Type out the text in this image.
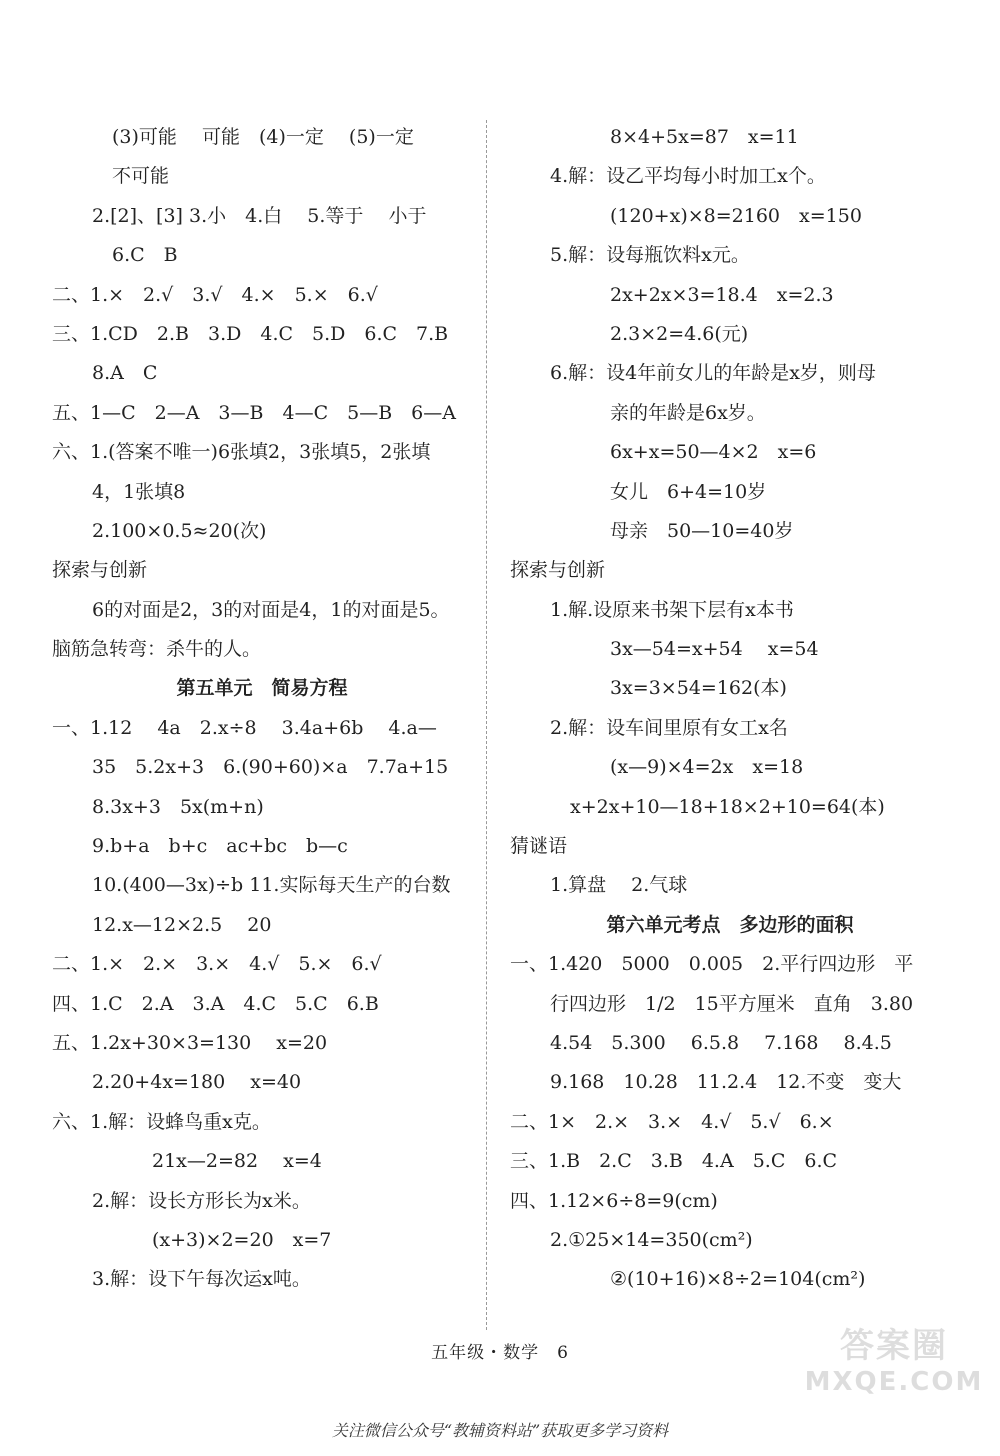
(3)可能　 可能　(4)一定　 (5)一定
不可能
2.[2]、[3] 3.小　4.白　 5.等于　 小于
6.C　B
二、1.×　2.√　3.√　4.×　5.×　6.√
三、1.CD　2.B　3.D　4.C　5.D　6.C　7.B
8.A　C
五、1—C　2—A　3—B　4—C　5—B　6—A
六、1.(答案不唯一)6张填2，3张填5，2张填
4，1张填8
2.100×0.5≈20(次)
探索与创新
6的对面是2，3的对面是4，1的对面是5。
脑筋急转弯：杀牛的人。
第五单元　简易方程
一、1.12　 4a　2.x÷8　 3.4a+6b　 4.a—
35　5.2x+3　6.(90+60)×a　7.7a+15
8.3x+3　5x(m+n)
9.b+a　b+c　ac+bc　b—c
10.(400—3x)÷b 11.实际每天生产的台数
12.x—12×2.5　 20
二、1.×　2.×　3.×　4.√　5.×　6.√
四、1.C　2.A　3.A　4.C　5.C　6.B
五、1.2x+30×3=130　 x=20
2.20+4x=180　 x=40
六、1.解：设蜂鸟重x克。
21x—2=82　 x=4
2.解：设长方形长为x米。
(x+3)×2=20　x=7
3.解：设下午每次运x吨。
8×4+5x=87　x=11
4.解：设乙平均每小时加工x个。
(120+x)×8=2160　x=150
5.解：设每瓶饮料x元。
2x+2x×3=18.4　x=2.3
2.3×2=4.6(元)
6.解：设4年前女儿的年龄是x岁，则母
亲的年龄是6x岁。
6x+x=50—4×2　x=6
女儿　6+4=10岁
母亲　50—10=40岁
探索与创新
1.解.设原来书架下层有x本书
3x—54=x+54　 x=54
3x=3×54=162(本)
2.解：设车间里原有女工x名
(x—9)×4=2x　x=18
x+2x+10—18+18×2+10=64(本)
猜谜语
1.算盘　 2.气球
第六单元考点　多边形的面积
一、1.420　5000　0.005　2.平行四边形　平
行四边形　1/2　15平方厘米　直角　3.80
4.54　5.300　 6.5.8　 7.168　 8.4.5
9.168　10.28　11.2.4　12.不变　变大
二、1×　2.×　3.×　4.√　5.√　6.×
三、1.B　2.C　3.B　4.A　5.C　6.C
四、1.12×6÷8=9(cm)
2.①25×14=350(cm²)
②(10+16)×8÷2=104(cm²)
五年级・数学　6
关注微信公众号“教辅资料站”获取更多学习资料
答案圈
MXQE.COM
